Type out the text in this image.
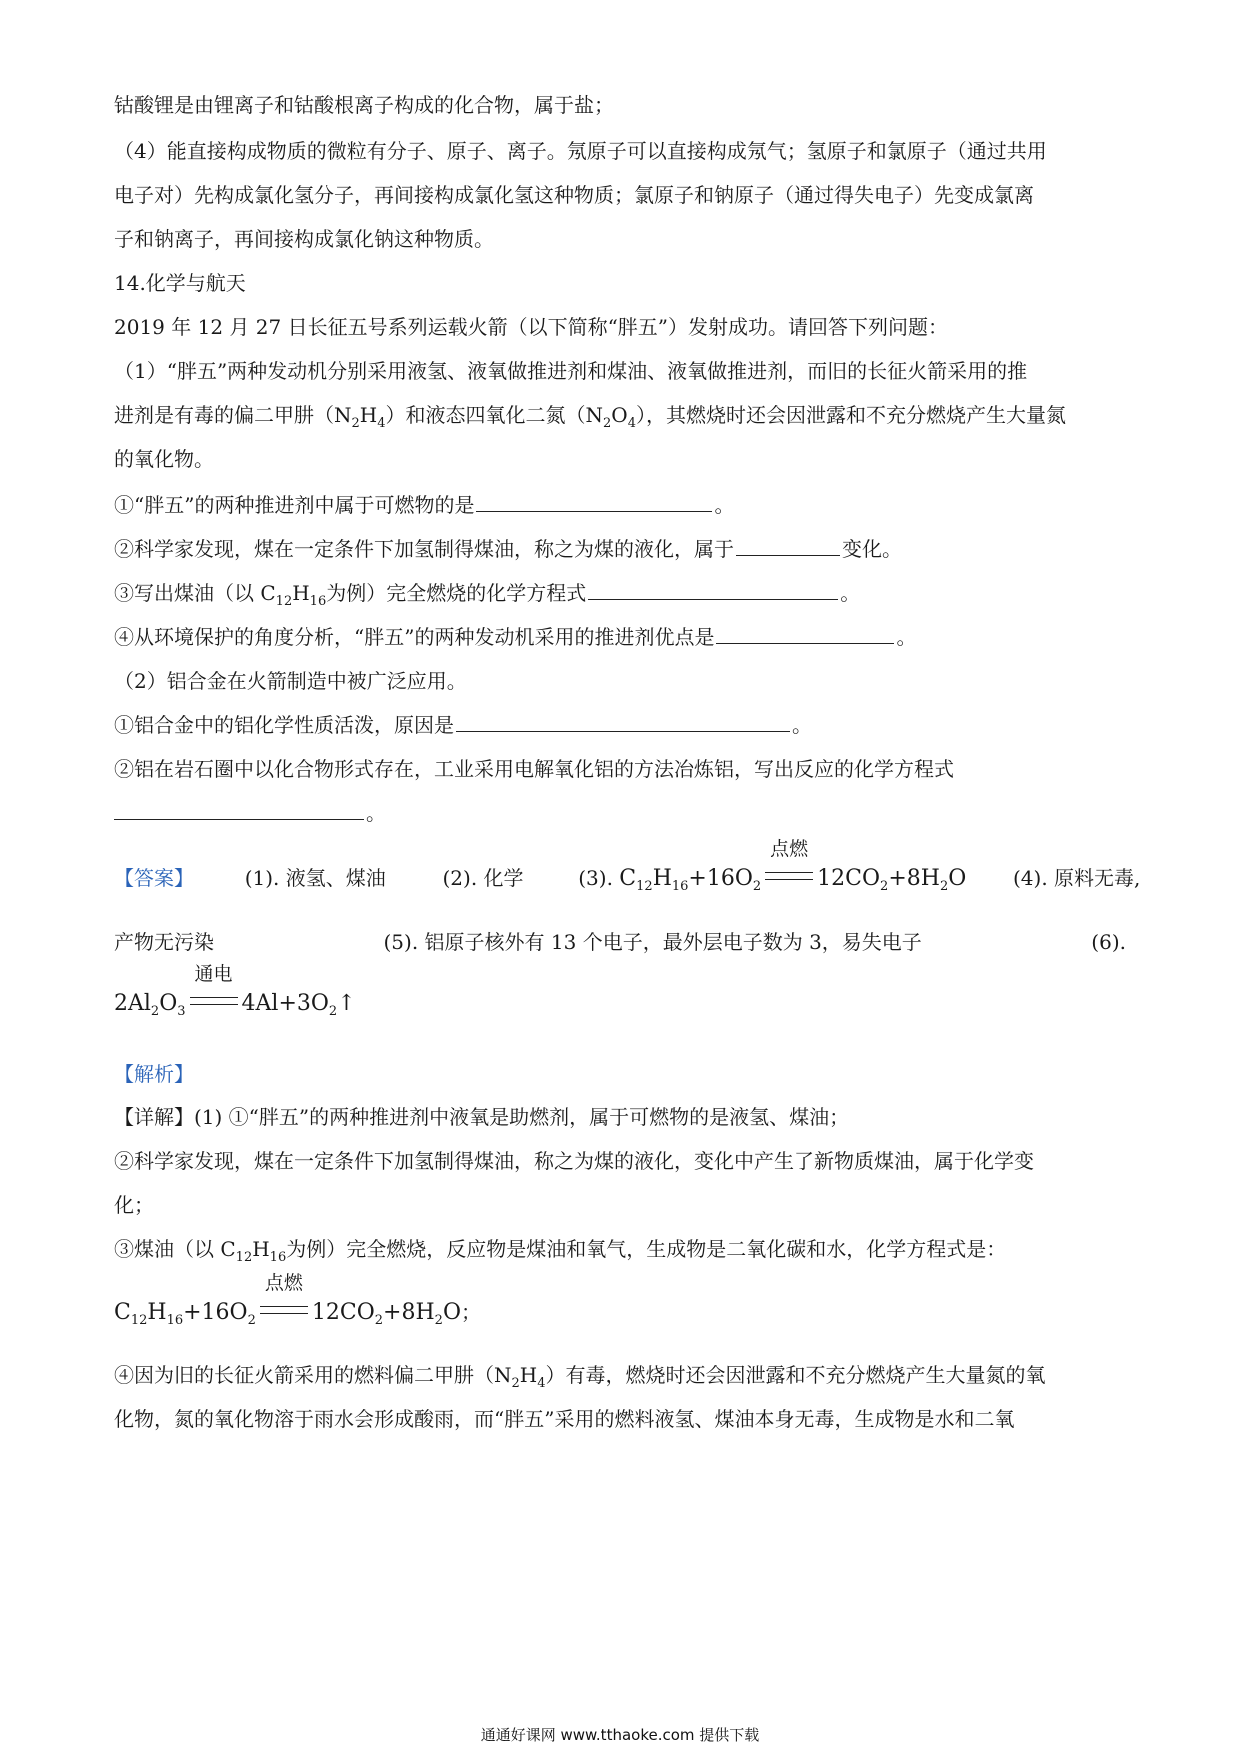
钴酸锂是由锂离子和钴酸根离子构成的化合物，属于盐；
（4）能直接构成物质的微粒有分子、原子、离子。氖原子可以直接构成氖气；氢原子和氯原子（通过共用
电子对）先构成氯化氢分子，再间接构成氯化氢这种物质；氯原子和钠原子（通过得失电子）先变成氯离
子和钠离子，再间接构成氯化钠这种物质。
14.化学与航天
2019 年 12 月 27 日长征五号系列运载火箭（以下简称“胖五”）发射成功。请回答下列问题：
（1）“胖五”两种发动机分别采用液氢、液氧做推进剂和煤油、液氧做推进剂，而旧的长征火箭采用的推
进剂是有毒的偏二甲肼$(N_2H_4)$和液态四氧化二氮$(N_2O_4)$，其燃烧时还会因泄露和不充分燃烧产生大量氮
的氧化物。
①“胖五”的两种推进剂中属于可燃物的是	。
②科学家发现，煤在一定条件下加氢制得煤油，称之为煤的液化，属于	变化。
③写出煤油（以 $C_{12}H_{16}$为例）完全燃烧的化学方程式	。
④从环境保护的角度分析，“胖五”的两种发动机采用的推进剂优点是	。
（2）铝合金在火箭制造中被广泛应用。
①铝合金中的铝化学性质活泼，原因是	。
②铝在岩石圈中以化合物形式存在，工业采用电解氧化铝的方法冶炼铝，写出反应的化学方程式
。
【答案】	(1). 液氢、煤油	(2). 化学	(3). $C_{12}H_{16}+16O_2$
点燃
$12CO_2+8H_2O$ (4). 原料无毒,
产物无污染	(5). 铝原子核外有 13 个电子，最外层电子数为 3，易失电子	(6).
$2Al_2O_3$
通电
$4Al+3O_2↑$
【解析】
【详解】(1) ①“胖五”的两种推进剂中液氧是助燃剂，属于可燃物的是液氢、煤油；
②科学家发现，煤在一定条件下加氢制得煤油，称之为煤的液化，变化中产生了新物质煤油，属于化学变
化；
③煤油（以 $C_{12}H_{16}$为例）完全燃烧，反应物是煤油和氧气，生成物是二氧化碳和水，化学方程式是：
$C_{12}H_{16}+16O_2$
点燃
$12CO_2+8H_2O$；
④因为旧的长征火箭采用的燃料偏二甲肼$(N_2H_4)$有毒，燃烧时还会因泄露和不充分燃烧产生大量氮的氧
化物，氮的氧化物溶于雨水会形成酸雨，而“胖五”采用的燃料液氢、煤油本身无毒，生成物是水和二氧
通通好课网 www.tthaoke.com 提供下载
